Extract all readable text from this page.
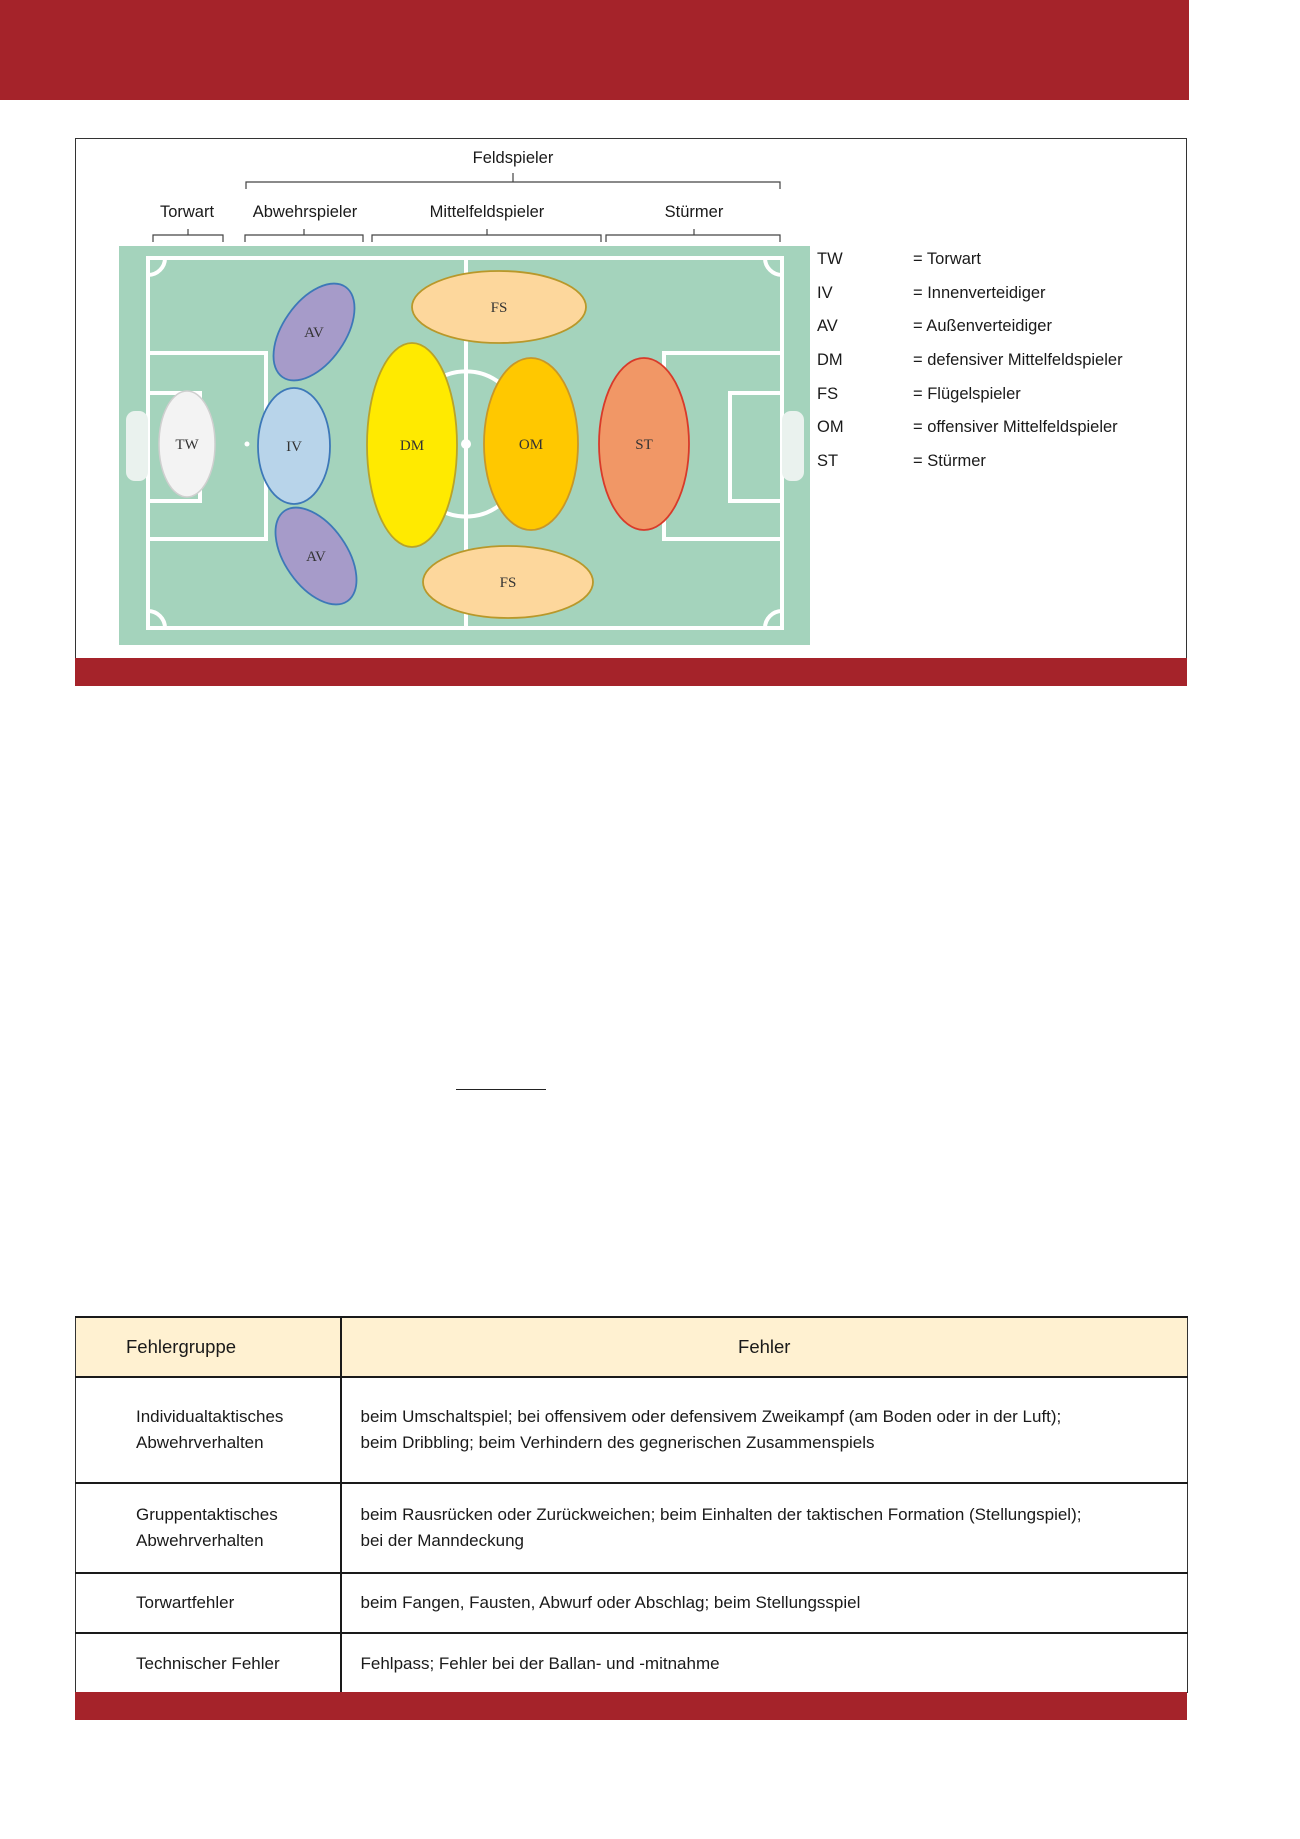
Feldspieler
Torwart Abwehrspieler	Mittelfeldspieler	Stürmer
TW	IV
AV
AV
DM	OM	ST
FS
FS
TW	= Torwart
IV	= Innenverteidiger
AV	= Außenverteidiger
DM	= defensiver Mittelfeldspieler
FS	= Flügelspieler
OM	= offensiver Mittelfeldspieler
ST	= Stürmer
Fehlergruppe	Fehler
Individualtaktisches
Abwehrverhalten	beim Umschaltspiel; bei offensivem oder defensivem Zweikampf (am Boden oder in der Luft);
beim Dribbling; beim Verhindern des gegnerischen Zusammenspiels
Gruppentaktisches
Abwehrverhalten	beim Rausrücken oder Zurückweichen; beim Einhalten der taktischen Formation (Stellungspiel);
bei der Manndeckung
Torwartfehler	beim Fangen, Fausten, Abwurf oder Abschlag; beim Stellungsspiel
Technischer Fehler	Fehlpass; Fehler bei der Ballan- und -mitnahme
